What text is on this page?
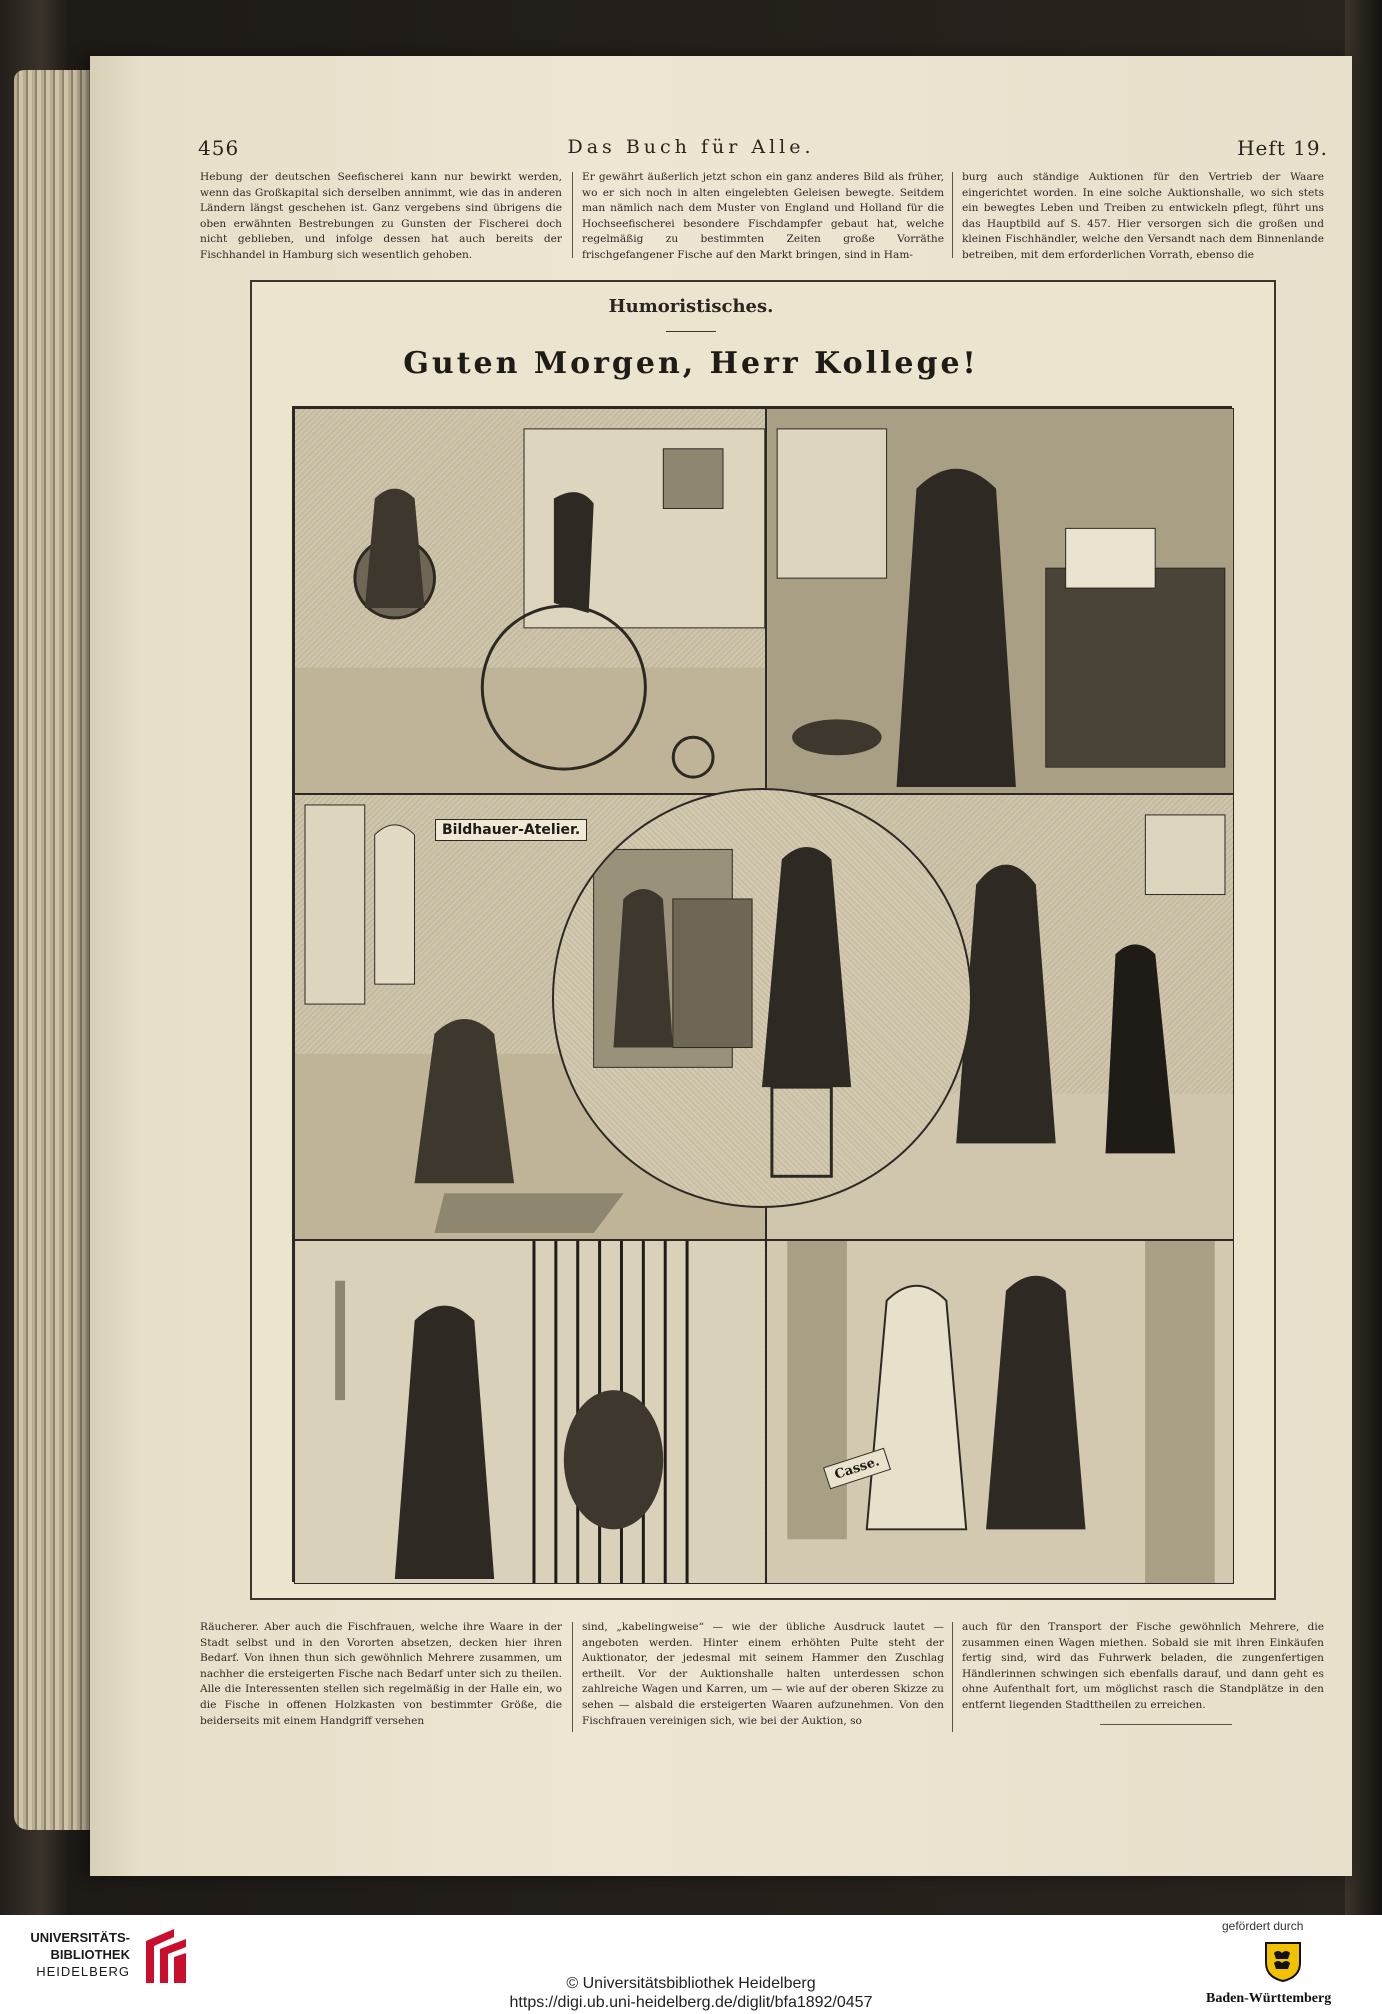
456	Das Buch für Alle.	Heft 19.
Hebung der deutschen Seefischerei kann nur bewirkt werden, wenn das Großkapital sich derselben annimmt, wie das in anderen Ländern längst geschehen ist. Ganz vergebens sind übrigens die oben erwähnten Bestrebungen zu Gunsten der Fischerei doch nicht geblieben, und infolge dessen hat auch bereits der Fischhandel in Hamburg sich wesentlich gehoben.
Er gewährt äußerlich jetzt schon ein ganz anderes Bild als früher, wo er sich noch in alten eingelebten Geleisen bewegte. Seitdem man nämlich nach dem Muster von England und Holland für die Hochseefischerei besondere Fischdampfer gebaut hat, welche regelmäßig zu bestimmten Zeiten große Vorräthe frischgefangener Fische auf den Markt bringen, sind in Ham-
burg auch ständige Auktionen für den Vertrieb der Waare eingerichtet worden. In eine solche Auktionshalle, wo sich stets ein bewegtes Leben und Treiben zu entwickeln pflegt, führt uns das Hauptbild auf S. 457. Hier versorgen sich die großen und kleinen Fischhändler, welche den Versandt nach dem Binnenlande betreiben, mit dem erforderlichen Vorrath, ebenso die
Humoristisches.
Guten Morgen, Herr Kollege!
Bildhauer-Atelier.
Casse.
Räucherer. Aber auch die Fischfrauen, welche ihre Waare in der Stadt selbst und in den Vororten absetzen, decken hier ihren Bedarf. Von ihnen thun sich gewöhnlich Mehrere zusammen, um nachher die ersteigerten Fische nach Bedarf unter sich zu theilen. Alle die Interessenten stellen sich regelmäßig in der Halle ein, wo die Fische in offenen Holzkasten von bestimmter Größe, die beiderseits mit einem Handgriff versehen
sind, „kabelingweise“ — wie der übliche Ausdruck lautet — angeboten werden. Hinter einem erhöhten Pulte steht der Auktionator, der jedesmal mit seinem Hammer den Zuschlag ertheilt. Vor der Auktionshalle halten unterdessen schon zahlreiche Wagen und Karren, um — wie auf der oberen Skizze zu sehen — alsbald die ersteigerten Waaren aufzunehmen. Von den Fischfrauen vereinigen sich, wie bei der Auktion, so
auch für den Transport der Fische gewöhnlich Mehrere, die zusammen einen Wagen miethen. Sobald sie mit ihren Einkäufen fertig sind, wird das Fuhrwerk beladen, die zungenfertigen Händlerinnen schwingen sich ebenfalls darauf, und dann geht es ohne Aufenthalt fort, um möglichst rasch die Standplätze in den entfernt liegenden Stadttheilen zu erreichen.
UNIVERSITÄTS-
BIBLIOTHEK
HEIDELBERG
© Universitätsbibliothek Heidelberg
https://digi.ub.uni-heidelberg.de/diglit/bfa1892/0457
gefördert durch
Baden-Württemberg
